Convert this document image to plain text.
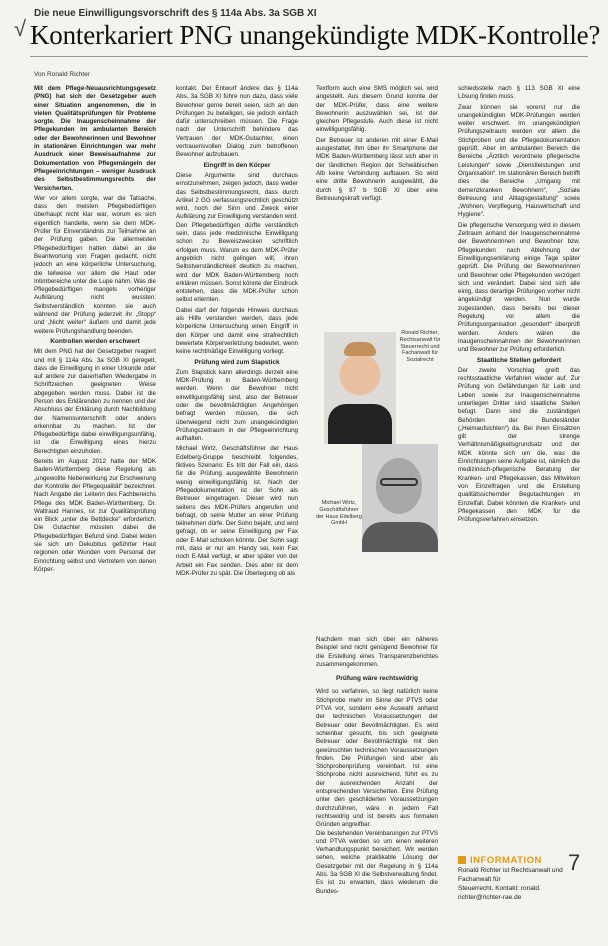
√
Die neue Einwilligungsvorschrift des § 114a Abs. 3a SGB XI
Konterkariert PNG unangekündigte MDK-Kontrolle?
Von Ronald Richter

Mit dem Pflege-Neuausrichtungsgesetz (PNG) hat sich der Gesetzgeber auch einer Situation angenommen, die in vielen Qualitätsprüfungen für Probleme sorgte. Die Inaugenscheinnahme der Pflegekunden im ambulanten Bereich oder der Bewohnerinnen und Bewohner in stationären Einrichtungen war mehr Ausdruck einer Beweisaufnahme zur Dokumentation von Pflegemängeln der Pflegeeinrichtungen – weniger Ausdruck des Selbstbestimmungsrechts der Versicherten.

Wer vor allem sorgte, war die Tatsache, dass den meisten Pflegebedürftigen überhaupt nicht klar war, worum es sich eigentlich handelte, wenn sie dem MDK-Prüfer für Einverständnis zur Teilnahme an der Prüfung gaben. Die allermeisten Pflegebedürftigen hatten dabei an die Beantwortung von Fragen gedacht, nicht jedoch an eine körperliche Untersuchung, die teilweise vor allem die Haut oder Intimbereiche unter die Lupe nahm. Was die Pflegebedürftigen mangels vorheriger Aufklärung nicht wussten: Selbstverständlich konnten sie auch während der Prüfung jederzeit ihr „Stopp“ und „Nicht weiter“ äußern und damit jede weitere Prüfungshandlung beenden.

Kontrollen werden erschwert

Mit dem PNG hat der Gesetzgeber reagiert und mit § 114a Abs. 3a SGB XI geregelt, dass die Einwilligung in einer Urkunde oder auf andere zur dauerhaften Wiedergabe in Schriftzeichen geeigneten Weise abgegeben werden muss. Dabei ist die Person des Erklärenden zu nennen und der Abschluss der Erklärung durch Nachbildung der Namensunterschrift oder anders erkennbar zu machen. Ist der Pflegebedürftige dabei einwilligungsunfähig, ist die Einwilligung eines hierzu Berechtigten einzuholen.

Bereits im August 2012 hatte der MDK Baden-Württemberg diese Regelung als „ungewollte Nebenwirkung zur Erschwerung der Kontrolle der Pflegequalität“ bezeichnet. Nach Angabe der Leiterin des Fachbereichs Pflege des MDK Baden-Württemberg, Dr. Waltraud Hannes, ist zur Qualitätsprüfung ein Blick „unter die Bettdecke“ erforderlich. Die Gutachter müssten dabei die Pflegebedürftigen Befund sind. Dabei leiden sie sich um Dekubitus geführter Haut regionen oder Wunden vom Personal der Einrichtung selbst und Vertretern von denen Körper-

kontakt. Der Entwurf ändere das § 114a Abs. 3a SGB XI führe nun dazu, dass viele Bewohner gerne bereit seien, sich an den Prüfungen zu beteiligen, sie jedoch einfach dafür unterschreiben müssen. Die Frage nach der Unterschrift behindere das Vertrauen der MDK-Gutachter, einen vertrauensvollen Dialog zum betroffenen Bewohner aufzubauen.

Eingriff in den Körper

Diese Argumente sind durchaus ernstzunehmen, zeigen jedoch, dass weder das Selbstbestimmungsrecht, dass durch Artikel 2 GG verfassungsrechtlich geschützt wird, noch der Sinn und Zweck einer Aufklärung zur Einwilligung verstanden wird. Den Pflegebedürftigen dürfte verständlich sein, dass jede medizinische Einwilligung schon zu Beweiszwecken schriftlich erfolgen muss. Warum es dem MDK-Prüfer angeblich nicht gelingen will, ihren Selbstverständlichkeit deutlich zu machen, wird der MDK Baden-Württemberg noch erklären müssen. Sonst könnte der Eindruck entstehen, dass die MDK-Prüfer schon selbst erlernten.

Dabei darf der folgende Hinweis durchaus als Hilfe verstanden werden, dass jede körperliche Untersuchung einen Eingriff in den Körper und damit eine strafrechtlich bewertete Körperverletzung bedeutet, wenn keine rechtmäßige Einwilligung vorliegt.

Prüfung wird zum Slapstick

Zum Slapstick kann allerdings derzeit eine MDK-Prüfung in Baden-Württemberg werden. Wenn der Bewohner nicht einwilligungsfähig sind, also der Betreuer oder die bevollmächtigten Angehörigen befragt werden müssen, die sich überwiegend nicht zum unangekündigten Prüfungszeitraum in der Pflegeeinrichtung aufhalten.

Michael Wirtz, Geschäftsführer der Haus Edelberg-Gruppe beschreibt folgendes, fiktives Szenario: Es tritt der Fall ein, dass für die Prüfung ausgewählte Bewohnerin wenig einwilligungsfähig ist. Nach der Pflegedokumentation ist der Sohn als Betreuer eingetragen. Dieser wird nun seitens des MDK-Prüfers angerufen und befragt, ob seine Mutter an einer Prüfung teilnehmen dürfe. Der Sohn bejaht, und wird gefragt, ob er seine Einwilligung per Fax oder E-Mail schicken könnte. Der Sohn sagt mit, dass er nur am Handy sei, kein Fax noch E-Mail verfügt, er aber später von der Arbeit ein Fax senden. Dies aber ist dem MDK-Prüfer zu spät. Die Überlegung ob als

Textform auch eine SMS möglich sei, wird angestellt. Aus diesem Grund konnte der der MDK-Prüfer, dass eine weitere Bewohnerin auszuwählen sei, ist der gleichen Pflegestufe. Auch diese ist nicht einwilligungsfähig.

Der Betreuer ist anderen mit einer E-Mail ausgestattet, ihm über ihr Smartphone der MDK Baden-Württemberg lässt sich aber in der ländlichen Region der Schwäbischen Alb keine Verbindung aufbauen. So wird eine dritte Bewohnerin ausgewählt, die durch § 87 b SGB XI über eine Betreuungskraft verfügt.

Ronald Richter, Rechtsanwalt für Steuerrecht und Fachanwalt für Sozialrecht
Michael Wirtz, Geschäftsführer der Haus Edelberg GmbH

Nachdem man sich über ein näheres Beispiel sind nicht genügend Bewohner für die Erstellung eines Transparenzberichtes zusammengekommen.

Prüfung wäre rechtswidrig

Wird so verfahren, so liegt natürlich keine Stichprobe mehr im Sinne der PTVS oder PTVA vor, sondern eine Auswahl anhand der technischen Voraussetzungen der Betreuer oder Bevollmächtigten. Es wird scheinbar gesucht, bis sich geeignete Betreuer oder Bevollmächtigte mit den gewünschten technischen Voraussetzungen finden. Die Prüfungen sind aber als Stichprobenprüfung vereinbart. Ist eine Stichprobe nicht ausreichend, führt es zu der ausreichenden Anzahl der entsprechenden Versicherten. Eine Prüfung unter den geschilderten Voraussetzungen durchzuführen, wäre in jedem Fall rechtswidrig und ist bereits aus formalen Gründen angreifbar.

Die bestehenden Vereinbarungen zur PTVS und PTVA werden so um einen weiteren Verhandlungspunkt bereichert. Wir werden sehen, welche praktikable Lösung der Gesetzgeber mit der Regelung in § 114a Abs. 3a SGB XI die Selbstverwaltung findet. Es ist zu erwarten, dass wiederum die Bundes-

schiedsstelle nach § 113 SGB XI eine Lösung finden muss.

Zwar können sie vorerst nur die unangekündigten MDK-Prüfungen werden weiter erschwert. Im unangekündigten Prüfungszeitraum werden vor allem die Stichproben und die Pflegedokumentation geprüft. Aber im ambulanten Bereich die Bereiche „Ärztlich verordnete pflegerische Leistungen“ sowie „Dienstleistungen und Organisation“. Im stationären Bereich betrifft dies die Bereiche „Umgang mit demenzkranken Bewohnern“, „Soziale Betreuung und Alltagsgestaltung“ sowie „Wohnen, Verpflegung, Hauswirtschaft und Hygiene“.

Die pflegerische Versorgung wird in diesem Zeitraum anhand der Inaugenscheinnahme der Bewohnerinnen und Bewohner bzw. Pflegekunden nach Ablehnung der Einwilligungserklärung einige Tage später geprüft. Die Prüfung der Bewohnerinnen und Bewohner oder Pflegekunden verzögert sich und verändert. Dabei sind sich alle einig, dass derartige Prüfungen vorher nicht angekündigt werden. Nun wurde zugestanden, dass bereits bei dieser Regelung vor allem die Prüfungsorganisation „gesondert“ überprüft werden. Anders wären die Inaugenscheinnahmen der Bewohnerinnen und Bewohner zur Prüfung erforderlich.

Staatliche Stellen gefordert

Der zweite Vorschlag greift das rechtsstaatliche Verfahren wieder auf. Zur Prüfung von Gefährdungen für Leib und Leben sowie zur Inaugenscheinnahme unterliegen Dritter sind staatliche Stellen befugt. Dann sind die zuständigen Behörden der Bundesländer („Heimaufsichten“) da. Bei ihren Einsätzen gilt der strenge Verhältnismäßigkeitsgrundsatz und der MDK könnte sich um die, was die Einrichtungen seine Aufgabe ist, nämlich die medizinisch-pflegerische Beratung der Kranken- und Pflegekassen, das Mitwirken von Einzelfragen und die Erstellung qualitätssichernder Begutachtungen im Einzelfall. Dabei könnten die Kranken- und Pflegekassen den MDK für die Prüfungsverfahren einsetzen.

INFORMATION
Ronald Richter ist Rechtsanwalt und Fachanwalt für
Steuerrecht. Kontakt: ronald.
richter@richter-rae.de
7
